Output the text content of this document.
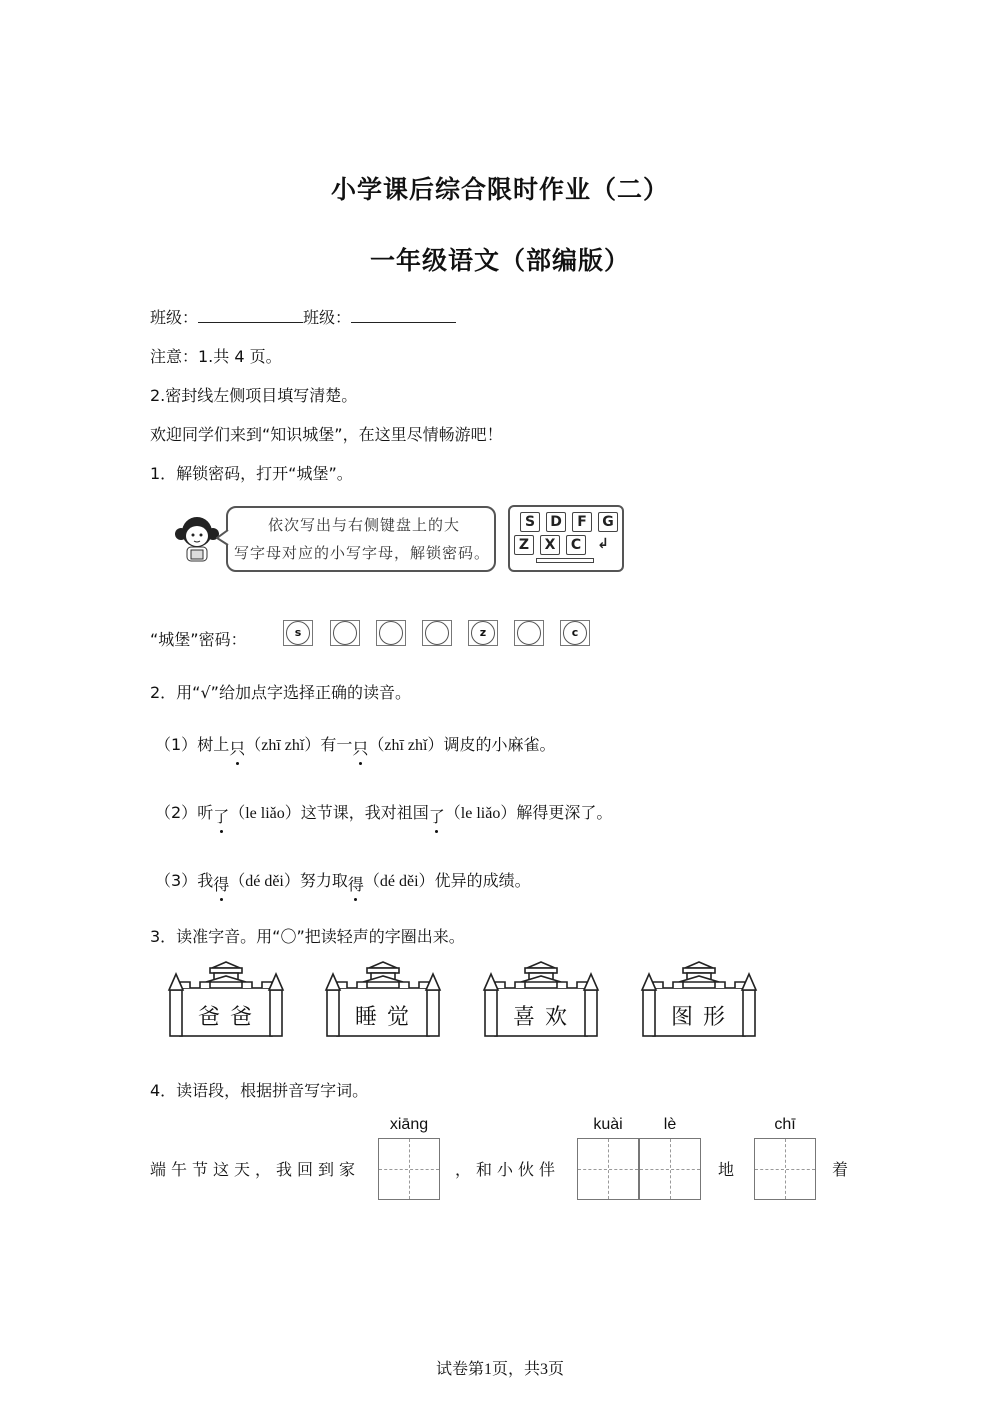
小学课后综合限时作业（二）
一年级语文（部编版）
班级：	班级：
注意：1.共 4 页。
2.密封线左侧项目填写清楚。
欢迎同学们来到“知识城堡”，在这里尽情畅游吧！
1．解锁密码，打开“城堡”。
依次写出与右侧键盘上的大
写字母对应的小写字母，解锁密码。
S	D	F	G
Z	X	C	↲
“城堡”密码：	s	z	c
2．用“√”给加点字选择正确的读音。
（1）树上只（zhī zhǐ）有一只（zhī zhǐ）调皮的小麻雀。
（2）听了（le liǎo）这节课，我对祖国了（le liǎo）解得更深了。
（3）我得（dé děi）努力取得（dé děi）优异的成绩。
3．读准字音。用“〇”把读轻声的字圈出来。
爸爸	睡觉	喜欢	图形
4．读语段，根据拼音写字词。
端午节这天，我回到家
xiāng
，和小伙伴
kuài	lè
地
chī
着
试卷第1页，共3页
